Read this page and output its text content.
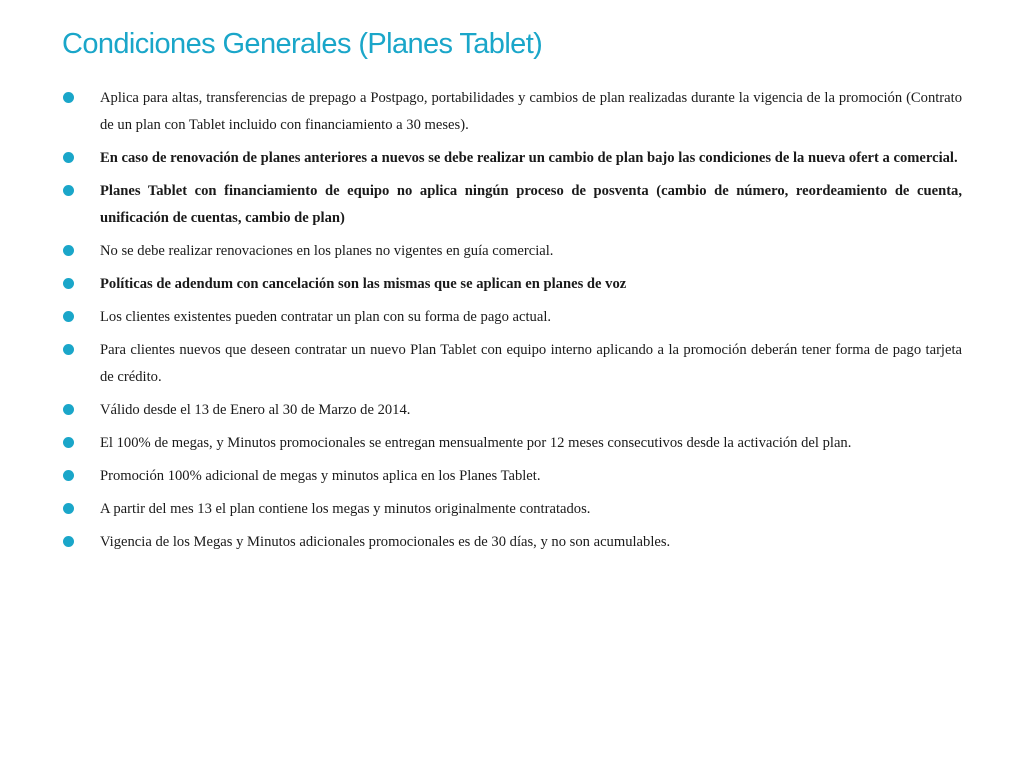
Condiciones Generales (Planes Tablet)
Aplica para altas, transferencias de prepago a Postpago, portabilidades y cambios de plan realizadas durante la vigencia de la promoción (Contrato de un plan con Tablet incluido con financiamiento a 30 meses).
En caso de renovación de planes anteriores a nuevos se debe realizar un cambio de plan bajo las condiciones de la nueva ofert a comercial.
Planes Tablet con financiamiento de equipo no aplica ningún proceso de posventa (cambio de número, reordeamiento de cuenta, unificación de cuentas, cambio de plan)
No se debe realizar renovaciones en los planes no vigentes en guía comercial.
Políticas de adendum con cancelación son las mismas que se aplican en planes de voz
Los clientes existentes pueden contratar un plan con su forma de pago actual.
Para clientes nuevos que deseen contratar un nuevo Plan Tablet con equipo interno aplicando a la promoción deberán tener forma de pago tarjeta de crédito.
Válido desde el 13 de Enero al 30 de Marzo de 2014.
El 100% de megas, y Minutos promocionales se entregan mensualmente por 12 meses consecutivos desde la activación del plan.
Promoción 100% adicional de megas y minutos aplica en los Planes Tablet.
A partir del mes 13 el plan contiene los megas y minutos originalmente contratados.
Vigencia de los Megas y Minutos adicionales promocionales es de 30 días, y no son acumulables.
